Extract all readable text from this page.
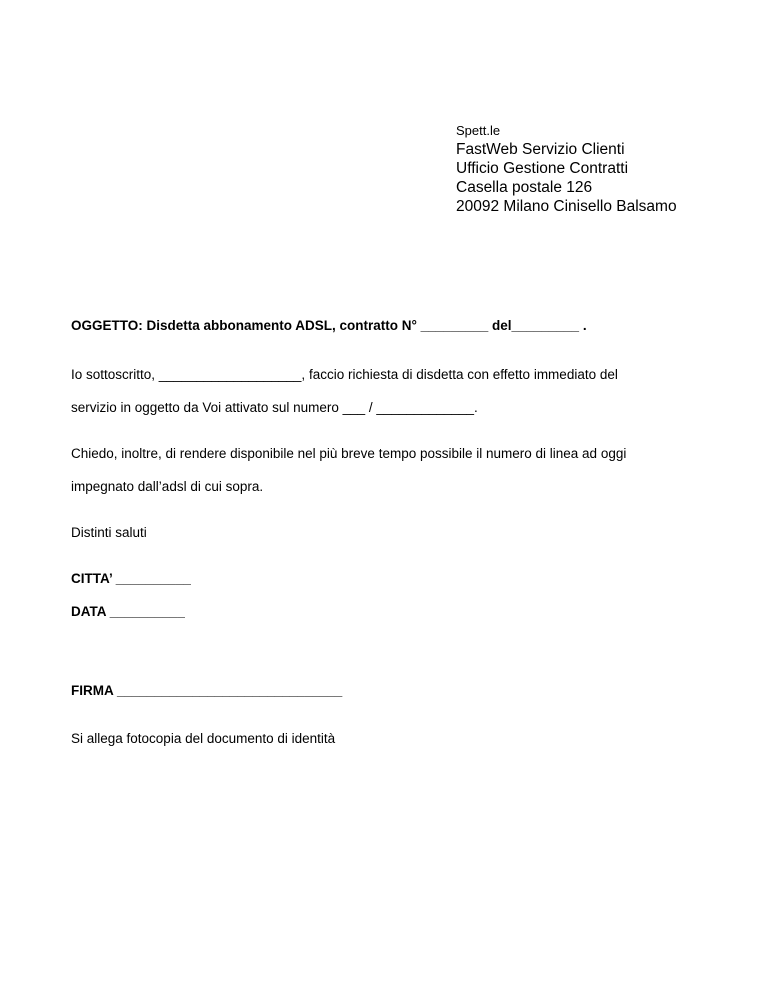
Spett.le
FastWeb Servizio Clienti
Ufficio Gestione Contratti
Casella postale 126
20092 Milano Cinisello Balsamo
OGGETTO: Disdetta abbonamento ADSL, contratto N° _________ del_________ .
Io sottoscritto, ___________________, faccio richiesta di disdetta con effetto immediato del
servizio in oggetto da Voi attivato sul numero ___ / _____________.
Chiedo, inoltre, di rendere disponibile nel più breve tempo possibile il numero di linea ad oggi
impegnato dall’adsl di cui sopra.
Distinti saluti
CITTA’ __________
DATA __________
FIRMA ______________________________
Si allega fotocopia del documento di identità
